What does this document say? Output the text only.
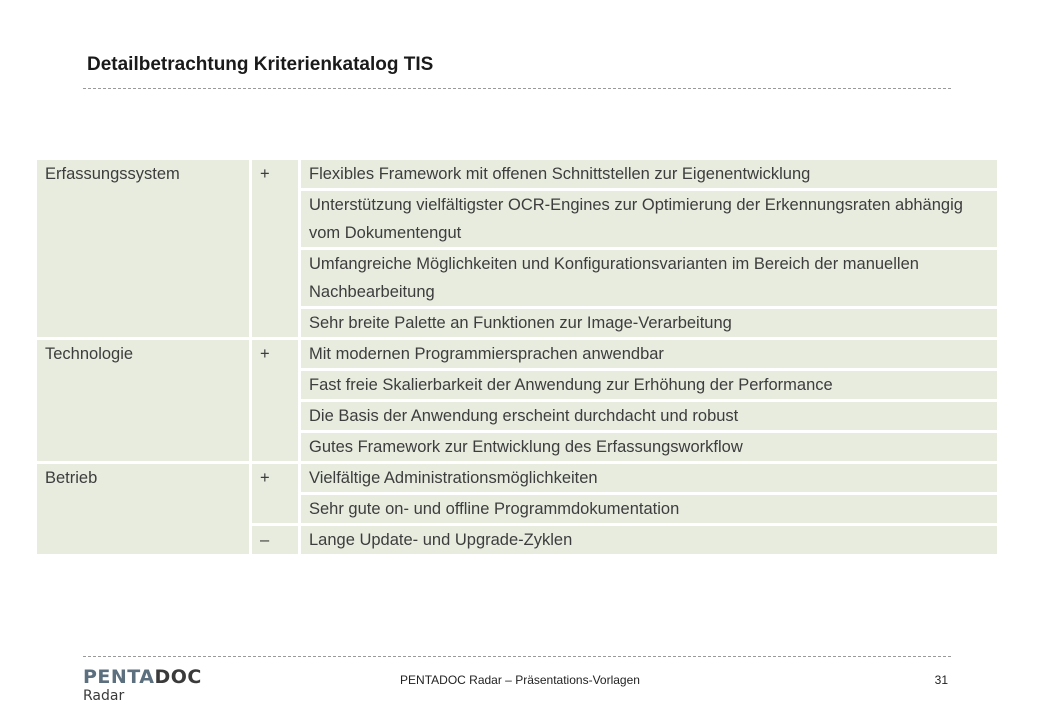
Detailbetrachtung Kriterienkatalog TIS
Erfassungssystem	+	Flexibles Framework mit offenen Schnittstellen zur Eigenentwicklung
		Unterstützung vielfältigster OCR-Engines zur Optimierung der Erkennungsraten abhängig vom Dokumentengut
		Umfangreiche Möglichkeiten und Konfigurationsvarianten im Bereich der manuellen Nachbearbeitung
		Sehr breite Palette an Funktionen zur Image-Verarbeitung
Technologie	+	Mit modernen Programmiersprachen anwendbar
		Fast freie Skalierbarkeit der Anwendung zur Erhöhung der Performance
		Die Basis der Anwendung erscheint durchdacht und robust
		Gutes Framework zur Entwicklung des Erfassungsworkflow
Betrieb	+	Vielfältige Administrationsmöglichkeiten
		Sehr gute on- und offline Programmdokumentation
	–	Lange Update- und Upgrade-Zyklen
PENTADOC
Radar
PENTADOC Radar – Präsentations-Vorlagen	31
